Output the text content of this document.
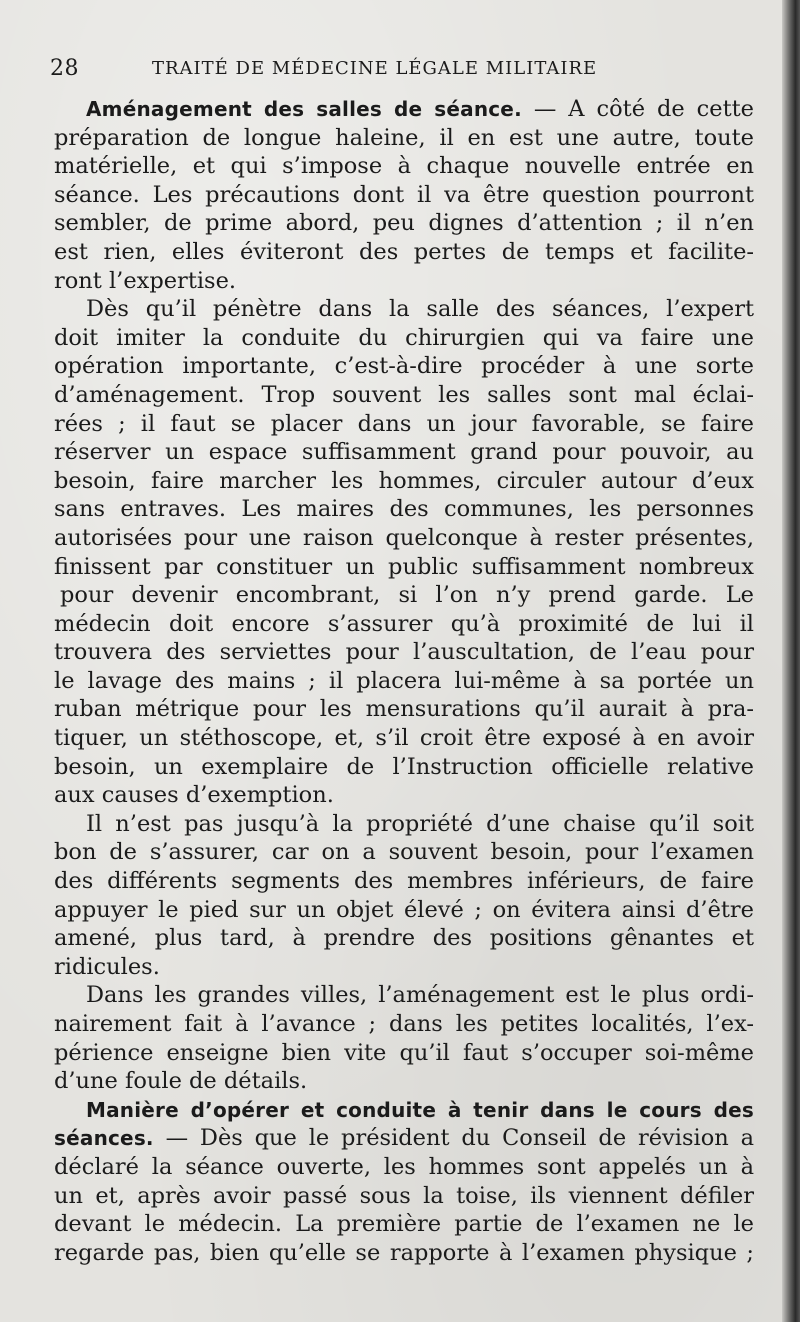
28	TRAITÉ DE MÉDECINE LÉGALE MILITAIRE
Aménagement des salles de séance. — A côté de cette
préparation de longue haleine, il en est une autre, toute
matérielle, et qui s’impose à chaque nouvelle entrée en
séance. Les précautions dont il va être question pourront
sembler, de prime abord, peu dignes d’attention ; il n’en
est rien, elles éviteront des pertes de temps et facilite-
ront l’expertise.
Dès qu’il pénètre dans la salle des séances, l’expert
doit imiter la conduite du chirurgien qui va faire une
opération importante, c’est-à-dire procéder à une sorte
d’aménagement. Trop souvent les salles sont mal éclai-
rées ; il faut se placer dans un jour favorable, se faire
réserver un espace suffisamment grand pour pouvoir, au
besoin, faire marcher les hommes, circuler autour d’eux
sans entraves. Les maires des communes, les personnes
autorisées pour une raison quelconque à rester présentes,
finissent par constituer un public suffisamment nombreux
pour devenir encombrant, si l’on n’y prend garde. Le
médecin doit encore s’assurer qu’à proximité de lui il
trouvera des serviettes pour l’auscultation, de l’eau pour
le lavage des mains ; il placera lui-même à sa portée un
ruban métrique pour les mensurations qu’il aurait à pra-
tiquer, un stéthoscope, et, s’il croit être exposé à en avoir
besoin, un exemplaire de l’Instruction officielle relative
aux causes d’exemption.
Il n’est pas jusqu’à la propriété d’une chaise qu’il soit
bon de s’assurer, car on a souvent besoin, pour l’examen
des différents segments des membres inférieurs, de faire
appuyer le pied sur un objet élevé ; on évitera ainsi d’être
amené, plus tard, à prendre des positions gênantes et
ridicules.
Dans les grandes villes, l’aménagement est le plus ordi-
nairement fait à l’avance ; dans les petites localités, l’ex-
périence enseigne bien vite qu’il faut s’occuper soi-même
d’une foule de détails.
Manière d’opérer et conduite à tenir dans le cours des
séances. — Dès que le président du Conseil de révision a
déclaré la séance ouverte, les hommes sont appelés un à
un et, après avoir passé sous la toise, ils viennent défiler
devant le médecin. La première partie de l’examen ne le
regarde pas, bien qu’elle se rapporte à l’examen physique ;
